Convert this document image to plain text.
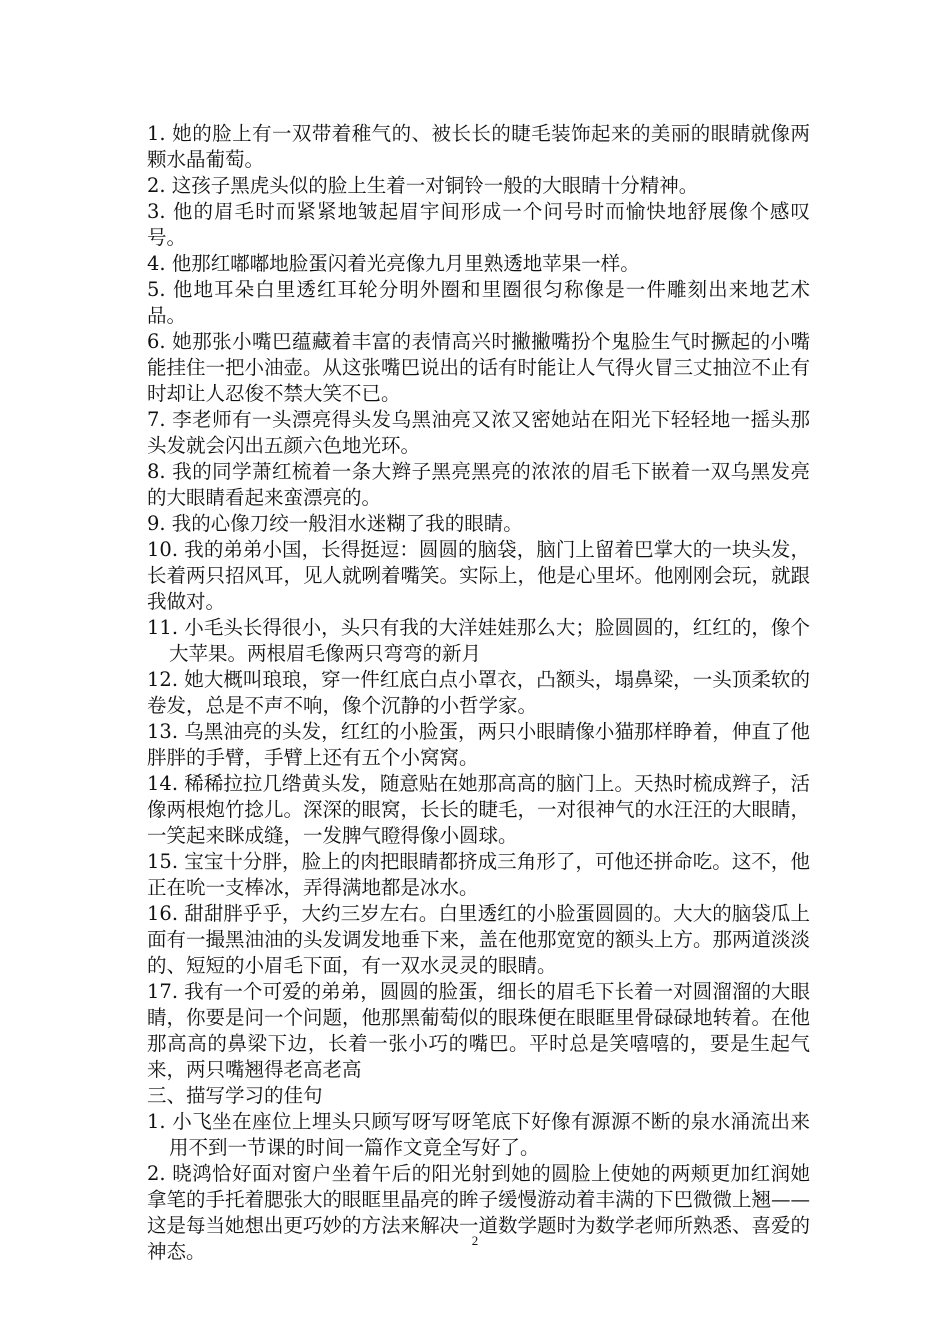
1. 她的脸上有一双带着稚气的、被长长的睫毛装饰起来的美丽的眼睛就像两颗水晶葡萄。

2. 这孩子黑虎头似的脸上生着一对铜铃一般的大眼睛十分精神。

3. 他的眉毛时而紧紧地皱起眉宇间形成一个问号时而愉快地舒展像个感叹号。

4. 他那红嘟嘟地脸蛋闪着光亮像九月里熟透地苹果一样。

5. 他地耳朵白里透红耳轮分明外圈和里圈很匀称像是一件雕刻出来地艺术品。

6. 她那张小嘴巴蕴藏着丰富的表情高兴时撇撇嘴扮个鬼脸生气时撅起的小嘴能挂住一把小油壶。从这张嘴巴说出的话有时能让人气得火冒三丈抽泣不止有时却让人忍俊不禁大笑不已。

7. 李老师有一头漂亮得头发乌黑油亮又浓又密她站在阳光下轻轻地一摇头那头发就会闪出五颜六色地光环。

8. 我的同学萧红梳着一条大辫子黑亮黑亮的浓浓的眉毛下嵌着一双乌黑发亮的大眼睛看起来蛮漂亮的。

9. 我的心像刀绞一般泪水迷糊了我的眼睛。

10. 我的弟弟小国，长得挺逗：圆圆的脑袋，脑门上留着巴掌大的一块头发，长着两只招风耳，见人就咧着嘴笑。实际上，他是心里坏。他刚刚会玩，就跟我做对。

11. 小毛头长得很小，头只有我的大洋娃娃那么大；脸圆圆的，红红的，像个大苹果。两根眉毛像两只弯弯的新月

12. 她大概叫琅琅，穿一件红底白点小罩衣，凸额头，塌鼻梁，一头顶柔软的卷发，总是不声不响，像个沉静的小哲学家。

13. 乌黑油亮的头发，红红的小脸蛋，两只小眼睛像小猫那样睁着，伸直了他胖胖的手臂，手臂上还有五个小窝窝。

14. 稀稀拉拉几绺黄头发，随意贴在她那高高的脑门上。天热时梳成辫子，活像两根炮竹捻儿。深深的眼窝，长长的睫毛，一对很神气的水汪汪的大眼睛，一笑起来眯成缝，一发脾气瞪得像小圆球。

15. 宝宝十分胖，脸上的肉把眼睛都挤成三角形了，可他还拼命吃。这不，他正在吮一支棒冰，弄得满地都是冰水。

16. 甜甜胖乎乎，大约三岁左右。白里透红的小脸蛋圆圆的。大大的脑袋瓜上面有一撮黑油油的头发调发地垂下来，盖在他那宽宽的额头上方。那两道淡淡的、短短的小眉毛下面，有一双水灵灵的眼睛。

17. 我有一个可爱的弟弟，圆圆的脸蛋，细长的眉毛下长着一对圆溜溜的大眼睛，你要是问一个问题，他那黑葡萄似的眼珠便在眼眶里骨碌碌地转着。在他那高高的鼻梁下边，长着一张小巧的嘴巴。平时总是笑嘻嘻的，要是生起气来，两只嘴翘得老高老高

三、描写学习的佳句

1. 小飞坐在座位上埋头只顾写呀写呀笔底下好像有源源不断的泉水涌流出来用不到一节课的时间一篇作文竟全写好了。

2. 晓鸿恰好面对窗户坐着午后的阳光射到她的圆脸上使她的两颊更加红润她拿笔的手托着腮张大的眼眶里晶亮的眸子缓慢游动着丰满的下巴微微上翘——这是每当她想出更巧妙的方法来解决一道数学题时为数学老师所熟悉、喜爱的神态。	2
